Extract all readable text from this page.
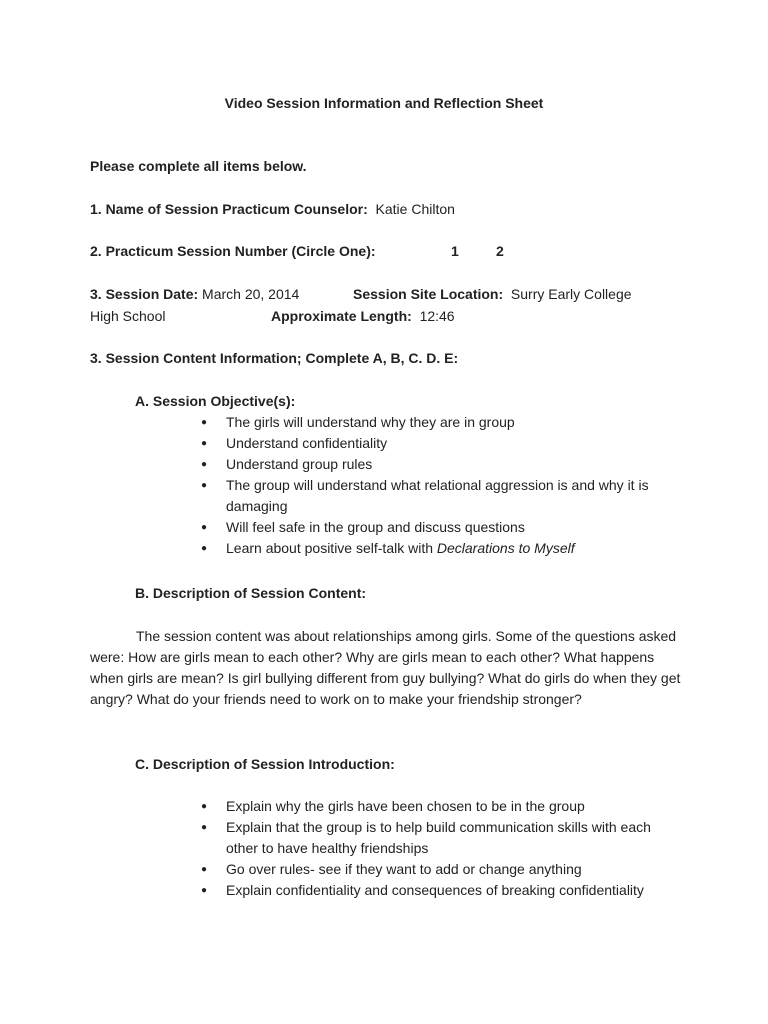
Video Session Information and Reflection Sheet
Please complete all items below.
1. Name of Session Practicum Counselor: Katie Chilton
2. Practicum Session Number (Circle One):	1	2
3. Session Date: March 20, 2014	Session Site Location: Surry Early College
High School	Approximate Length: 12:46
3. Session Content Information; Complete A, B, C. D. E:
A. Session Objective(s):
● The girls will understand why they are in group
● Understand confidentiality
● Understand group rules
● The group will understand what relational aggression is and why it is damaging
● Will feel safe in the group and discuss questions
● Learn about positive self-talk with Declarations to Myself
B. Description of Session Content:
The session content was about relationships among girls. Some of the questions asked were: How are girls mean to each other? Why are girls mean to each other? What happens when girls are mean? Is girl bullying different from guy bullying? What do girls do when they get angry? What do your friends need to work on to make your friendship stronger?
C. Description of Session Introduction:
● Explain why the girls have been chosen to be in the group
● Explain that the group is to help build communication skills with each other to have healthy friendships
● Go over rules- see if they want to add or change anything
● Explain confidentiality and consequences of breaking confidentiality
